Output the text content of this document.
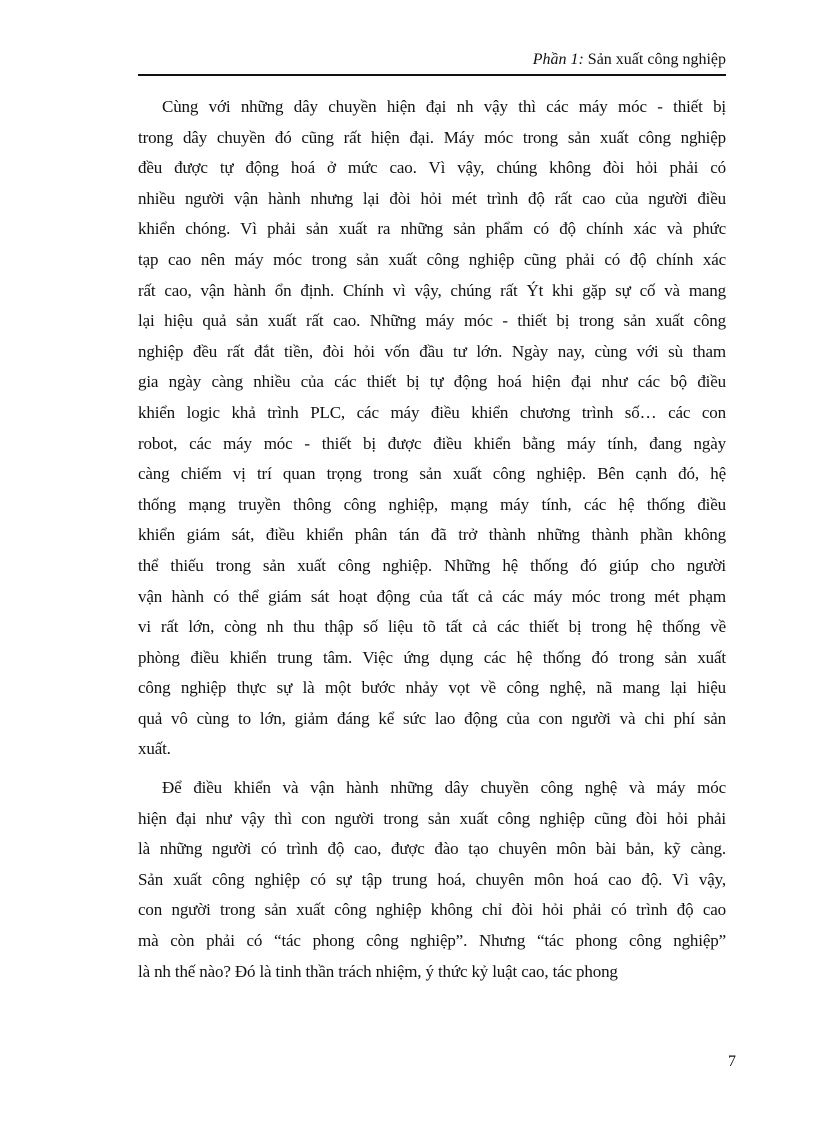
Phần 1: Sản xuất công nghiệp
Cùng với những dây chuyền hiện đại nh vậy thì các máy móc - thiết bị
trong dây chuyền đó cũng rất hiện đại. Máy móc trong sản xuất công nghiệp
đều được tự động hoá ở mức cao. Vì vậy, chúng không đòi hỏi phải có
nhiều người vận hành nhưng lại đòi hỏi mét trình độ rất cao của người điều
khiển chóng. Vì phải sản xuất ra những sản phẩm có độ chính xác và phức
tạp cao nên máy móc trong sản xuất công nghiệp cũng phải có độ chính xác
rất cao, vận hành ổn định. Chính vì vậy, chúng rất Ýt khi gặp sự cố và mang
lại hiệu quả sản xuất rất cao. Những máy móc - thiết bị trong sản xuất công
nghiệp đều rất đắt tiền, đòi hỏi vốn đầu tư lớn. Ngày nay, cùng với sù tham
gia ngày càng nhiều của các thiết bị tự động hoá hiện đại như các bộ điều
khiển logic khả trình PLC, các máy điều khiển chương trình số… các con
robot, các máy móc - thiết bị được điều khiển bằng máy tính, đang ngày
càng chiếm vị trí quan trọng trong sản xuất công nghiệp. Bên cạnh đó, hệ
thống mạng truyền thông công nghiệp, mạng máy tính, các hệ thống điều
khiển giám sát, điều khiển phân tán đã trở thành những thành phần không
thể thiếu trong sản xuất công nghiệp. Những hệ thống đó giúp cho người
vận hành có thể giám sát hoạt động của tất cả các máy móc trong mét phạm
vi rất lớn, còng nh thu thập số liệu tõ tất cả các thiết bị trong hệ thống về
phòng điều khiển trung tâm. Việc ứng dụng các hệ thống đó trong sản xuất
công nghiệp thực sự là một bước nhảy vọt về công nghệ, nã mang lại hiệu
quả vô cùng to lớn, giảm đáng kể sức lao động của con người và chi phí sản
xuất.
Để điều khiển và vận hành những dây chuyền công nghệ và máy móc
hiện đại như vậy thì con người trong sản xuất công nghiệp cũng đòi hỏi phải
là những người có trình độ cao, được đào tạo chuyên môn bài bản, kỹ càng.
Sản xuất công nghiệp có sự tập trung hoá, chuyên môn hoá cao độ. Vì vậy,
con người trong sản xuất công nghiệp không chỉ đòi hỏi phải có trình độ cao
mà còn phải có “tác phong công nghiệp”. Nhưng “tác phong công nghiệp”
là nh thế nào? Đó là tinh thần trách nhiệm, ý thức kỷ luật cao, tác phong
7
